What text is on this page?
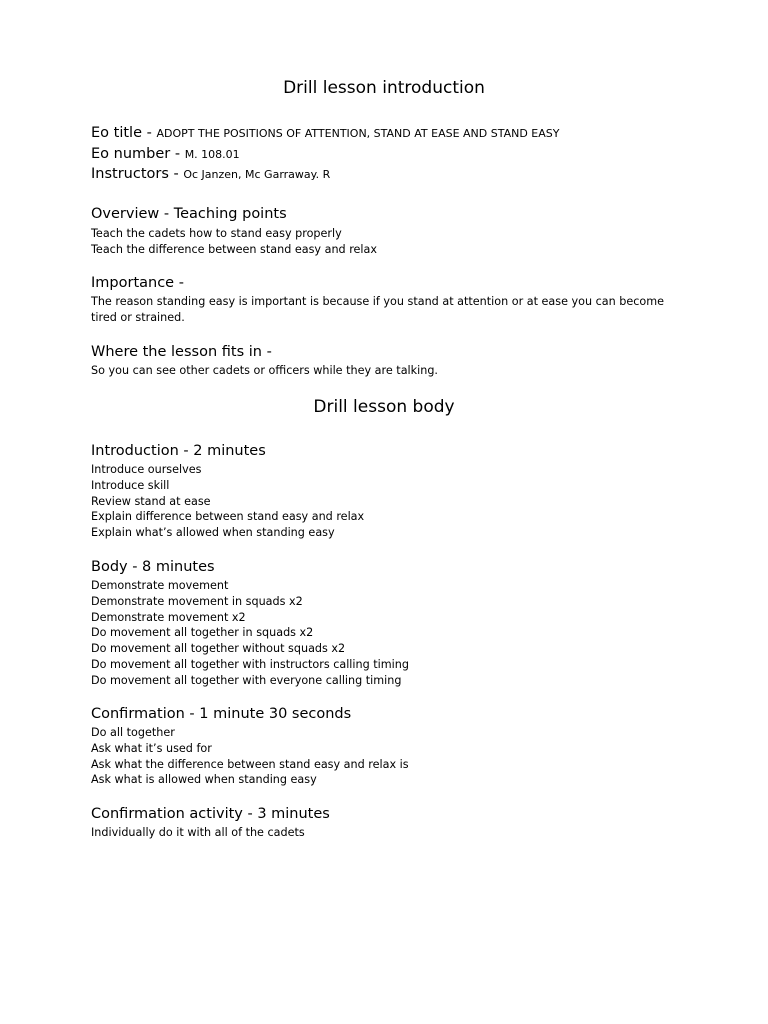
Drill lesson introduction
Eo title - ADOPT THE POSITIONS OF ATTENTION, STAND AT EASE AND STAND EASY
Eo number - M. 108.01
Instructors - Oc Janzen, Mc Garraway. R
Overview - Teaching points
Teach the cadets how to stand easy properly
Teach the difference between stand easy and relax
Importance -
The reason standing easy is important is because if you stand at attention or at ease you can become tired or strained.
Where the lesson fits in -
So you can see other cadets or officers while they are talking.
Drill lesson body
Introduction - 2 minutes
Introduce ourselves
Introduce skill
Review stand at ease
Explain difference between stand easy and relax
Explain what’s allowed when standing easy
Body - 8 minutes
Demonstrate movement
Demonstrate movement in squads x2
Demonstrate movement x2
Do movement all together in squads x2
Do movement all together without squads x2
Do movement all together with instructors calling timing
Do movement all together with everyone calling timing
Confirmation - 1 minute 30 seconds
Do all together
Ask what it’s used for
Ask what the difference between stand easy and relax is
Ask what is allowed when standing easy
Confirmation activity - 3 minutes
Individually do it with all of the cadets
